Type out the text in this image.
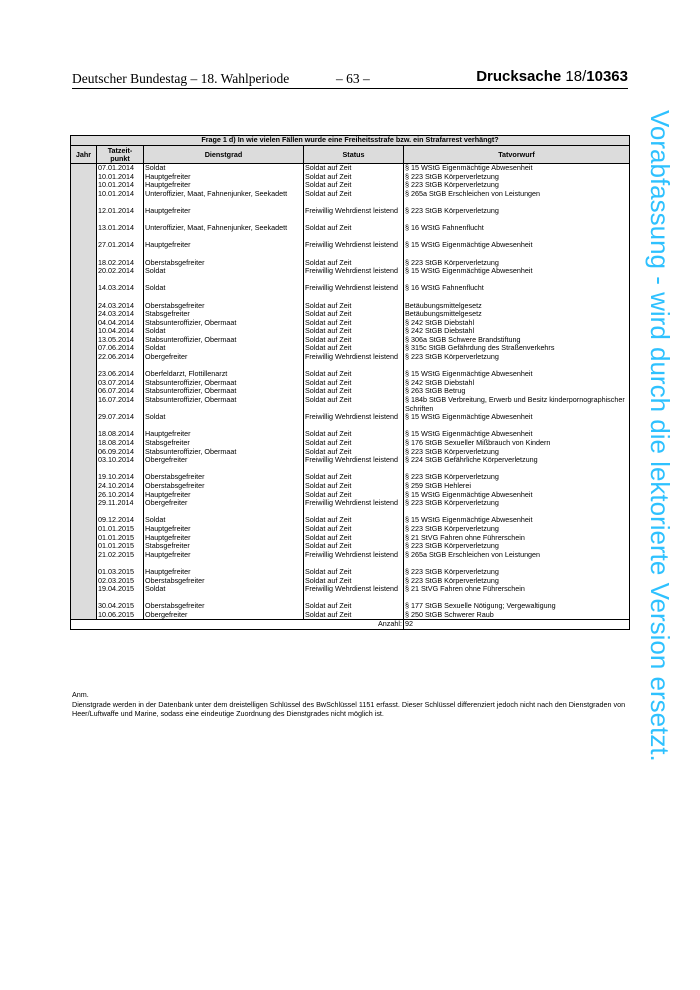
Deutscher Bundestag – 18. Wahlperiode	– 63 –	Drucksache 18/10363
Frage 1 d) In wie vielen Fällen wurde eine Freiheitsstrafe bzw. ein Strafarrest verhängt?				
Jahr	Tatzeit-punkt	Dienstgrad	Status	Tatvorwurf
	07.01.2014	Soldat	Soldat auf Zeit	§ 15 WStG Eigenmächtige Abwesenheit
	10.01.2014	Hauptgefreiter	Soldat auf Zeit	§ 223 StGB Körperverletzung
	10.01.2014	Hauptgefreiter	Soldat auf Zeit	§ 223 StGB Körperverletzung
	10.01.2014	Unteroffizier, Maat, Fahnenjunker, Seekadett	Soldat auf Zeit	§ 265a StGB Erschleichen von Leistungen

	12.01.2014	Hauptgefreiter	Freiwillig Wehrdienst leistend	§ 223 StGB Körperverletzung

	13.01.2014	Unteroffizier, Maat, Fahnenjunker, Seekadett	Soldat auf Zeit	§ 16 WStG Fahnenflucht

	27.01.2014	Hauptgefreiter	Freiwillig Wehrdienst leistend	§ 15 WStG Eigenmächtige Abwesenheit

	18.02.2014	Oberstabsgefreiter	Soldat auf Zeit	§ 223 StGB Körperverletzung
	20.02.2014	Soldat	Freiwillig Wehrdienst leistend	§ 15 WStG Eigenmächtige Abwesenheit

	14.03.2014	Soldat	Freiwillig Wehrdienst leistend	§ 16 WStG Fahnenflucht

	24.03.2014	Oberstabsgefreiter	Soldat auf Zeit	Betäubungsmittelgesetz
	24.03.2014	Stabsgefreiter	Soldat auf Zeit	Betäubungsmittelgesetz
	04.04.2014	Stabsunteroffizier, Obermaat	Soldat auf Zeit	§ 242 StGB Diebstahl
	10.04.2014	Soldat	Soldat auf Zeit	§ 242 StGB Diebstahl
	13.05.2014	Stabsunteroffizier, Obermaat	Soldat auf Zeit	§ 306a StGB Schwere Brandstiftung
	07.06.2014	Soldat	Soldat auf Zeit	§ 315c StGB Gefährdung des Straßenverkehrs
	22.06.2014	Obergefreiter	Freiwillig Wehrdienst leistend	§ 223 StGB Körperverletzung

	23.06.2014	Oberfeldarzt, Flottillenarzt	Soldat auf Zeit	§ 15 WStG Eigenmächtige Abwesenheit
	03.07.2014	Stabsunteroffizier, Obermaat	Soldat auf Zeit	§ 242 StGB Diebstahl
	06.07.2014	Stabsunteroffizier, Obermaat	Soldat auf Zeit	§ 263 StGB Betrug
	16.07.2014	Stabsunteroffizier, Obermaat	Soldat auf Zeit	§ 184b StGB Verbreitung, Erwerb und Besitz kinderpornographischer Schriften
	29.07.2014	Soldat	Freiwillig Wehrdienst leistend	§ 15 WStG Eigenmächtige Abwesenheit

	18.08.2014	Hauptgefreiter	Soldat auf Zeit	§ 15 WStG Eigenmächtige Abwesenheit
	18.08.2014	Stabsgefreiter	Soldat auf Zeit	§ 176 StGB Sexueller Mißbrauch von Kindern
	06.09.2014	Stabsunteroffizier, Obermaat	Soldat auf Zeit	§ 223 StGB Körperverletzung
	03.10.2014	Obergefreiter	Freiwillig Wehrdienst leistend	§ 224 StGB Gefährliche Körperverletzung

	19.10.2014	Oberstabsgefreiter	Soldat auf Zeit	§ 223 StGB Körperverletzung
	24.10.2014	Oberstabsgefreiter	Soldat auf Zeit	§ 259 StGB Hehlerei
	26.10.2014	Hauptgefreiter	Soldat auf Zeit	§ 15 WStG Eigenmächtige Abwesenheit
	29.11.2014	Obergefreiter	Freiwillig Wehrdienst leistend	§ 223 StGB Körperverletzung

	09.12.2014	Soldat	Soldat auf Zeit	§ 15 WStG Eigenmächtige Abwesenheit
	01.01.2015	Hauptgefreiter	Soldat auf Zeit	§ 223 StGB Körperverletzung
	01.01.2015	Hauptgefreiter	Soldat auf Zeit	§ 21 StVG Fahren ohne Führerschein
	01.01.2015	Stabsgefreiter	Soldat auf Zeit	§ 223 StGB Körperverletzung
	21.02.2015	Hauptgefreiter	Freiwillig Wehrdienst leistend	§ 265a StGB Erschleichen von Leistungen

	01.03.2015	Hauptgefreiter	Soldat auf Zeit	§ 223 StGB Körperverletzung
	02.03.2015	Oberstabsgefreiter	Soldat auf Zeit	§ 223 StGB Körperverletzung
	19.04.2015	Soldat	Freiwillig Wehrdienst leistend	§ 21 StVG Fahren ohne Führerschein

	30.04.2015	Oberstabsgefreiter	Soldat auf Zeit	§ 177 StGB Sexuelle Nötigung; Vergewaltigung
	10.06.2015	Obergefreiter	Soldat auf Zeit	§ 250 StGB Schwerer Raub
Anzahl:				92
Anm.
Dienstgrade werden in der Datenbank unter dem dreistelligen Schlüssel des BwSchlüssel 1151 erfasst. Dieser Schlüssel differenziert jedoch nicht nach den Dienstgraden von Heer/Luftwaffe und Marine, sodass eine eindeutige Zuordnung des Dienstgrades nicht möglich ist.	Vorabfassung - wird durch die lektorierte Version ersetzt.
